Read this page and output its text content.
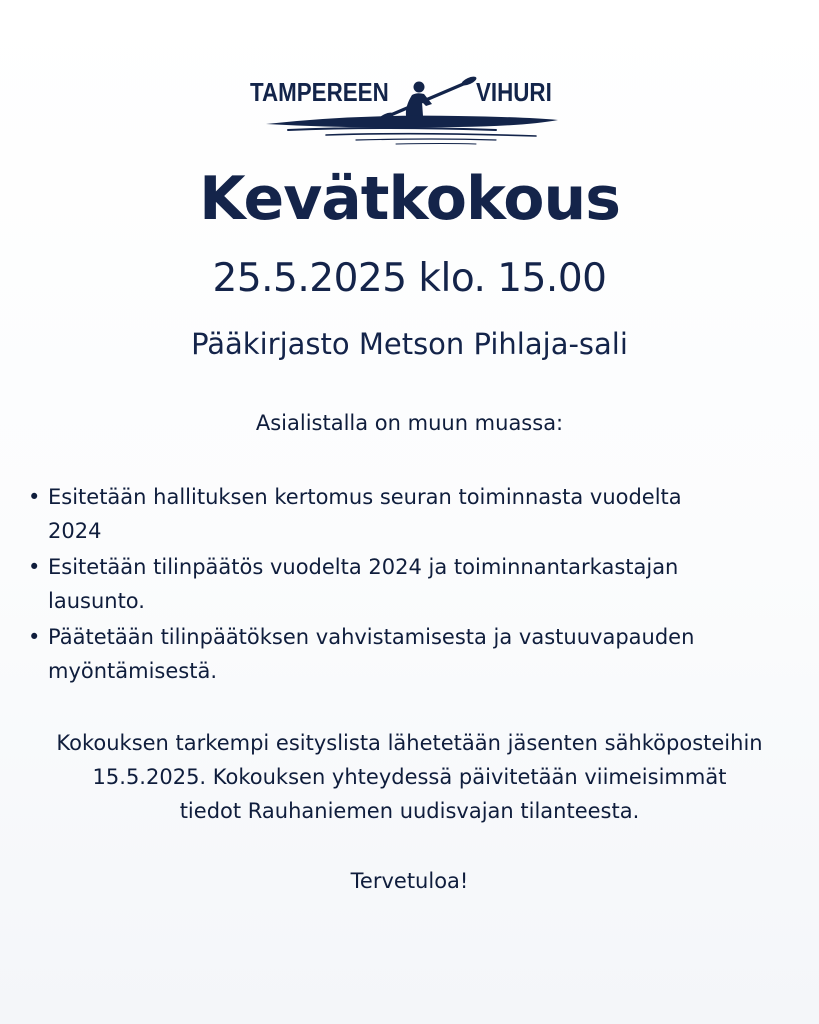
TAMPEREEN	VIHURI
Kevätkokous
25.5.2025 klo. 15.00
Pääkirjasto Metson Pihlaja-sali
Asialistalla on muun muassa:
• Esitetään hallituksen kertomus seuran toiminnasta vuodelta
2024
• Esitetään tilinpäätös vuodelta 2024 ja toiminnantarkastajan
lausunto.
• Päätetään tilinpäätöksen vahvistamisesta ja vastuuvapauden
myöntämisestä.
Kokouksen tarkempi esityslista lähetetään jäsenten sähköposteihin
15.5.2025. Kokouksen yhteydessä päivitetään viimeisimmät
tiedot Rauhaniemen uudisvajan tilanteesta.
Tervetuloa!
